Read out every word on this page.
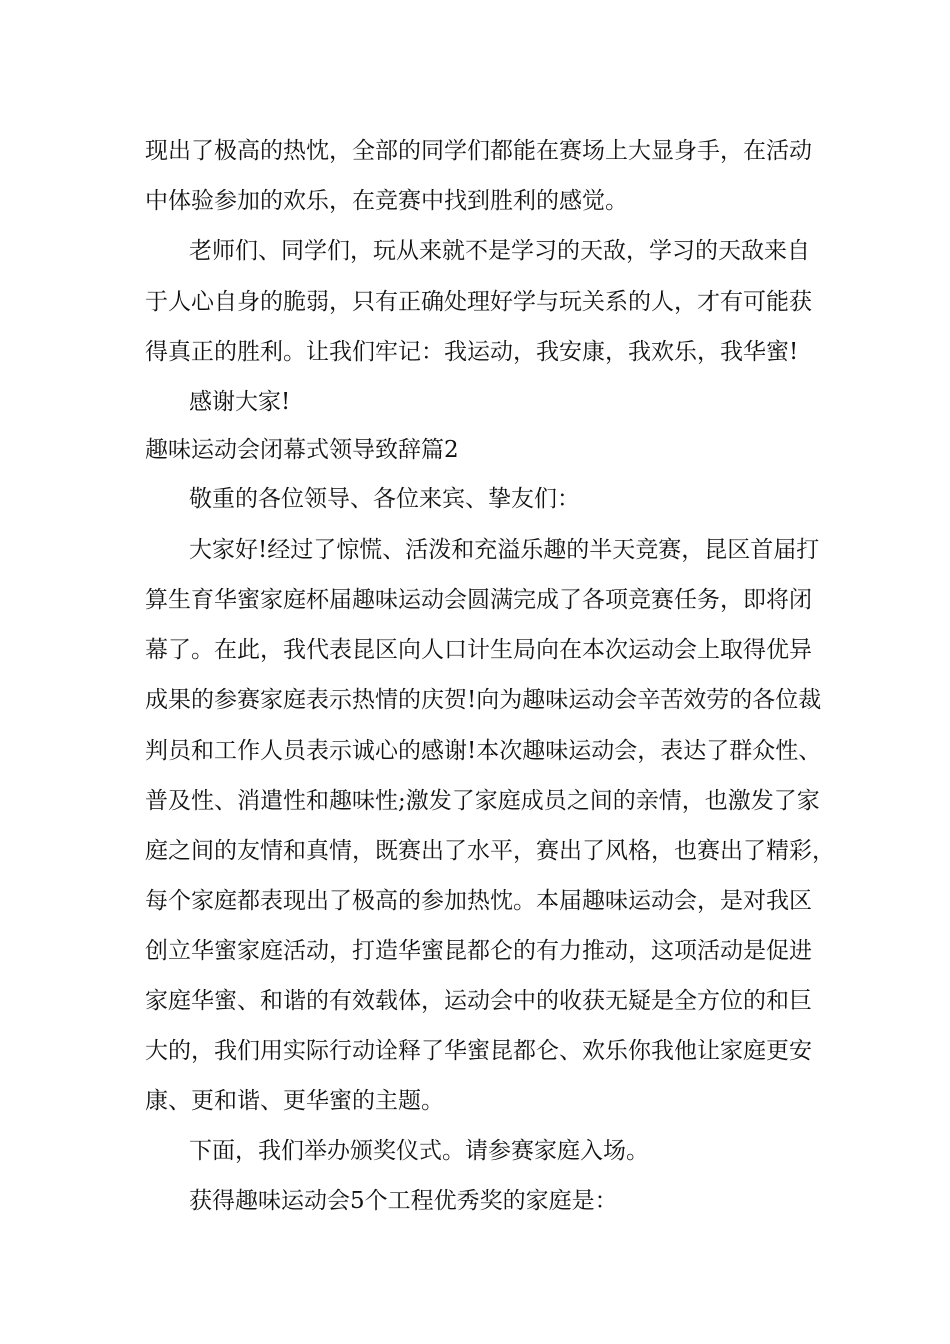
现出了极高的热忱，全部的同学们都能在赛场上大显身手，在活动
中体验参加的欢乐，在竞赛中找到胜利的感觉。
老师们、同学们，玩从来就不是学习的天敌，学习的天敌来自
于人心自身的脆弱，只有正确处理好学与玩关系的人，才有可能获
得真正的胜利。让我们牢记：我运动，我安康，我欢乐，我华蜜!
感谢大家!
趣味运动会闭幕式领导致辞篇2
敬重的各位领导、各位来宾、挚友们：
大家好!经过了惊慌、活泼和充溢乐趣的半天竞赛，昆区首届打
算生育华蜜家庭杯届趣味运动会圆满完成了各项竞赛任务，即将闭
幕了。在此，我代表昆区向人口计生局向在本次运动会上取得优异
成果的参赛家庭表示热情的庆贺!向为趣味运动会辛苦效劳的各位裁
判员和工作人员表示诚心的感谢!本次趣味运动会，表达了群众性、
普及性、消遣性和趣味性;激发了家庭成员之间的亲情，也激发了家
庭之间的友情和真情，既赛出了水平，赛出了风格，也赛出了精彩，
每个家庭都表现出了极高的参加热忱。本届趣味运动会，是对我区
创立华蜜家庭活动，打造华蜜昆都仑的有力推动，这项活动是促进
家庭华蜜、和谐的有效载体，运动会中的收获无疑是全方位的和巨
大的，我们用实际行动诠释了华蜜昆都仑、欢乐你我他让家庭更安
康、更和谐、更华蜜的主题。
下面，我们举办颁奖仪式。请参赛家庭入场。
获得趣味运动会5个工程优秀奖的家庭是：
